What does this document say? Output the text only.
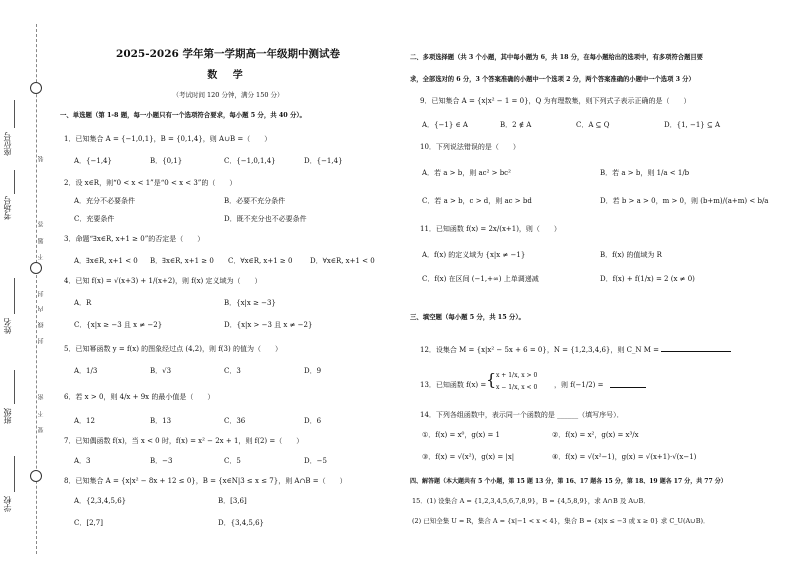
座位号
考场号
姓名
班级
学校
装
答
题
不
封
内
线
封
密
不
要
2025-2026 学年第一学期高一年级期中测试卷
数 学
（考试时间 120 分钟，满分 150 分）
一、单选题（第 1-8 题，每一小题只有一个选项符合要求，每小题 5 分，共 40 分）。
1．已知集合 A = {−1,0,1}，B = {0,1,4}，则 A∪B =（　　）
A．{−1,4}	B．{0,1}	C．{−1,0,1,4}	D．{−1,4}
2．设 x∈R，则“0 < x < 1”是“0 < x < 3”的（　　）
A．充分不必要条件	B．必要不充分条件
C．充要条件	D．既不充分也不必要条件
3．命题“∃x∈R, x+1 ≥ 0”的否定是（　　）
A．∃x∈R, x+1 < 0 B．∃x∈R, x+1 ≥ 0 C．∀x∈R, x+1 ≥ 0	D．∀x∈R, x+1 < 0
4．已知 f(x) = √(x+3) + 1/(x+2)，则 f(x) 定义域为（　　）
A．R	B．{x|x ≥ −3}
C．{x|x ≥ −3 且 x ≠ −2}	D．{x|x > −3 且 x ≠ −2}
5．已知幂函数 y = f(x) 的图象经过点 (4,2)，则 f(3) 的值为（　　）
A．1/3	B．√3	C．3	D．9
6．若 x > 0，则 4/x + 9x 的最小值是（　　）
A．12	B．13	C．36	D．6
7．已知偶函数 f(x)，当 x < 0 时，f(x) = x² − 2x + 1，则 f(2) =（　　）
A．3	B．−3	C．5	D．−5
8．已知集合 A = {x|x² − 8x + 12 ≤ 0}，B = {x∈N|3 ≤ x ≤ 7}，则 A∩B =（　　）
A．{2,3,4,5,6}	B．[3,6]
C．[2,7]	D．{3,4,5,6}
二、多项选择题（共 3 个小题，其中每小题为 6，共 18 分，在每小题给出的选项中，有多项符合题目要
求，全部选对的 6 分，3 个答案准确的小题中一个选项 2 分，两个答案准确的小题中一个选项 3 分）
9．已知集合 A = {x|x² − 1 = 0}，Q 为有理数集，则下列式子表示正确的是（　　）
A．{−1} ∈ A	B．2 ∉ A	C．A ⊆ Q	D．{1, −1} ⊆ A
10．下列说法错误的是（　　）
A．若 a > b，则 ac² > bc²	B．若 a > b，则 1/a < 1/b
C．若 a > b，c > d，则 ac > bd	D．若 b > a > 0，m > 0，则 (b+m)/(a+m) < b/a
11．已知函数 f(x) = 2x/(x+1)，则（　　）
A．f(x) 的定义域为 {x|x ≠ −1}	B．f(x) 的值域为 R
C．f(x) 在区间 (−1,+∞) 上单调递减	D．f(x) + f(1/x) = 2 (x ≠ 0)
三、填空题（每小题 5 分，共 15 分）。
12．设集合 M = {x|x² − 5x + 6 = 0}，N = {1,2,3,4,6}，则 C_N M =
13．已知函数 f(x) = { x + 1/x, x > 0
x − 1/x, x < 0 ，则 f(−1/2) =
14．下列各组函数中，表示同一个函数的是 ______（填写序号）．
①．f(x) = x⁰，g(x) = 1	②．f(x) = x²，g(x) = x³/x
③．f(x) = √(x²)，g(x) = |x|	④．f(x) = √(x²−1)，g(x) = √(x+1)·√(x−1)
四、解答题（本大题共有 5 个小题，第 15 题 13 分，第 16、17 题各 15 分，第 18、19 题各 17 分，共 77 分）
15．(1) 设集合 A = {1,2,3,4,5,6,7,8,9}，B = {4,5,8,9}，求 A∩B 及 A∪B．
(2) 已知全集 U = R，集合 A = {x|−1 < x < 4}，集合 B = {x|x ≤ −3 或 x ≥ 0} 求 C_U(A∪B)．
